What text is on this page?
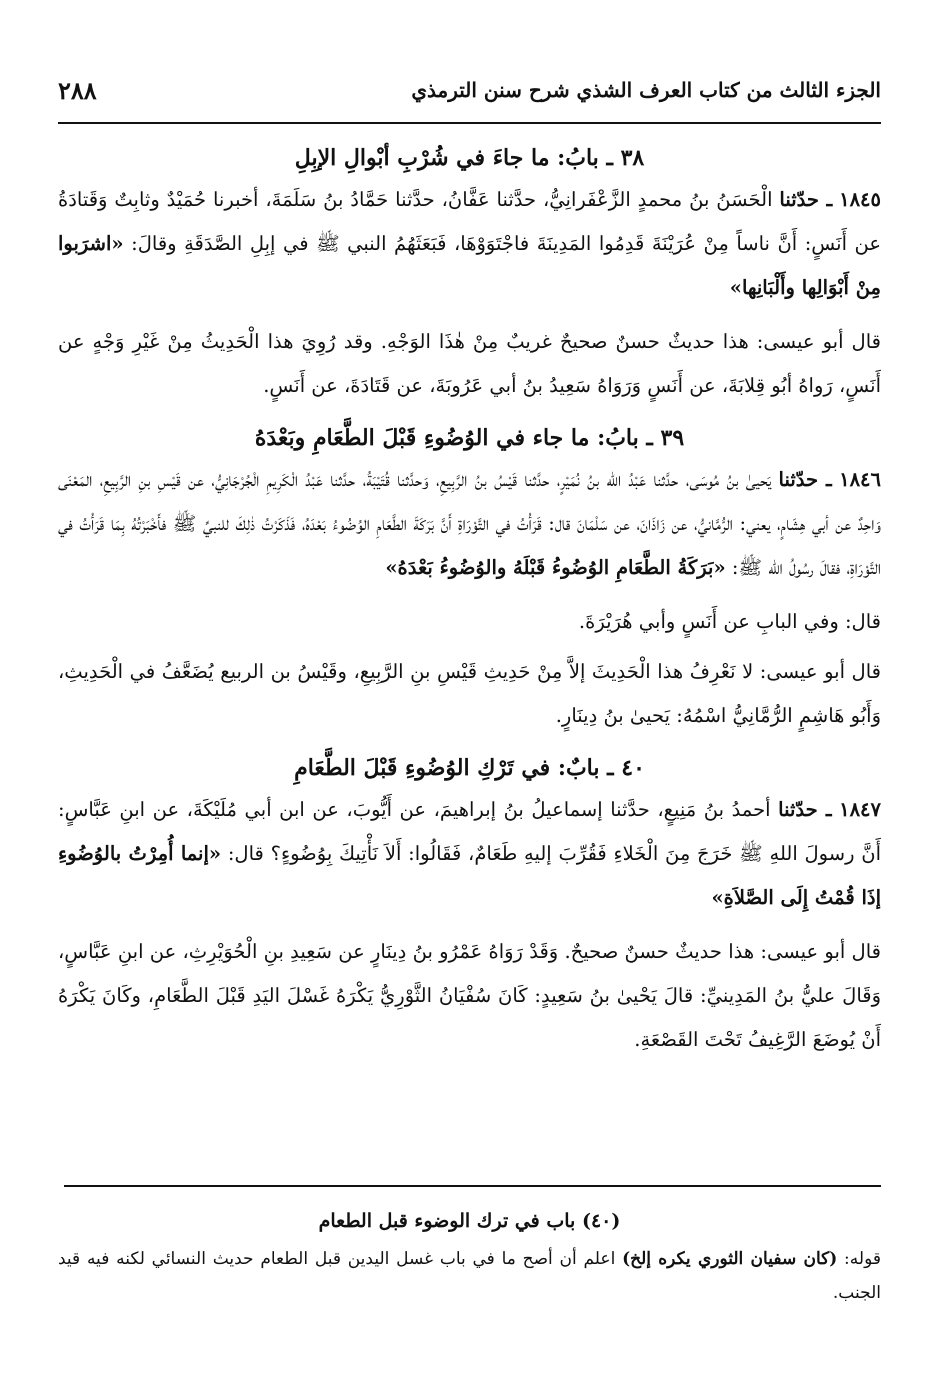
٢٨٨	الجزء الثالث من كتاب العرف الشذي شرح سنن الترمذي
٣٨ ـ بابُ: ما جاءَ في شُرْبِ أبْوالِ الإبِلِ

١٨٤٥ ـ حدّثنا الْحَسَنُ بنُ محمدٍ الزَّعْفَرانِيُّ، حدَّثنا عَفَّانُ، حدَّثنا حَمَّادُ بنُ سَلَمَةَ، أخبرنا حُمَيْدٌ وثابِتٌ وَقَتادَةُ عن أَنَسٍ: أَنَّ ناساً مِنْ عُرَيْنَةَ قَدِمُوا المَدِينَةَ فاجْتَوَوْهَا، فَبَعَثَهُمُ النبي ﷺ في إبِلِ الصَّدَقَةِ وقالَ: «اشرَبوا مِنْ أَبْوَالِها وأَلْبَانِها»

قال أبو عيسى: هذا حديثٌ حسنٌ صحيحٌ غريبٌ مِنْ هٰذَا الوَجْهِ. وقد رُوِيَ هذا الْحَدِيثُ مِنْ غَيْرِ وَجْهٍ عن أَنَسٍ، رَواهُ أبُو قِلابَةَ، عن أَنَسٍ وَرَوَاهُ سَعِيدُ بنُ أبي عَرُوبَةَ، عن قَتَادَةَ، عن أَنَسٍ.

٣٩ ـ بابُ: ما جاء في الوُضُوءِ قَبْلَ الطَّعَامِ وبَعْدَهُ

١٨٤٦ ـ حدّثنا يَحيىٰ بنُ مُوسَى، حدَّثنا عَبْدُ الله بنُ نُمَيْرٍ، حدَّثنا قَيْسُ بنُ الرَّبِيعِ، وَحدَّثنا قُتَيْبَةُ، حدَّثنا عَبْدُ الْكَرِيمِ الْجُرْجَانِيُّ، عن قَيْسِ بنِ الرَّبِيعِ، المَعْنَى وَاحِدٌ عن أبي هِشَامٍ، يعني: الرُّمَّانيُّ، عن زَاذَانَ، عن سَلْمَانَ قال: قَرَأْتُ في التَّوْرَاةِ أَنَّ بَرَكَةَ الطَّعَامِ الوُضُوءُ بَعْدَهُ، فَذَكَرْتُ ذٰلِكَ للنبيِّ ﷺ فأَخْبَرْتُهُ بِمَا قَرَأْتُ في التَّوْرَاةِ، فقالَ رسُولُ الله ﷺ: «بَرَكَةُ الطَّعَامِ الوُضُوءُ قَبْلَهُ والوُضُوءُ بَعْدَهُ»

قال: وفي البابِ عن أَنَسٍ وأبي هُرَيْرَةَ.

قال أبو عيسى: لا نَعْرِفُ هذا الْحَدِيثَ إلاَّ مِنْ حَدِيثِ قَيْسِ بنِ الرَّبِيعِ، وقَيْسُ بن الربيع يُضَعَّفُ في الْحَدِيثِ، وَأَبُو هَاشِمٍ الرُّمَّانِيُّ اسْمُهُ: يَحيىٰ بنُ دِينَارٍ.

٤٠ ـ بابٌ: في تَرْكِ الوُضُوءِ قَبْلَ الطَّعَامِ

١٨٤٧ ـ حدّثنا أحمدُ بنُ مَنِيعٍ، حدَّثنا إسماعيلُ بنُ إبراهيمَ، عن أَيُّوبَ، عن ابن أبي مُلَيْكَةَ، عن ابنِ عَبَّاسٍ: أَنَّ رسولَ اللهِ ﷺ خَرَجَ مِنَ الْخَلاءِ فَقُرِّبَ إليهِ طَعَامٌ، فَقَالُوا: أَلاَ نَأْتِيكَ بِوُضُوءٍ؟ قال: «إنما أُمِرْتُ بالوُضُوءِ إذَا قُمْتُ إِلَى الصَّلاَةِ»

قال أبو عيسى: هذا حديثٌ حسنٌ صحيحٌ. وَقَدْ رَوَاهُ عَمْرُو بنُ دِينَارٍ عن سَعِيدِ بنِ الْحُوَيْرِثِ، عن ابنِ عَبَّاسٍ، وَقَالَ عليُّ بنُ المَدِينيِّ: قالَ يَحْيىٰ بنُ سَعِيدٍ: كَانَ سُفْيَانُ الثَّوْرِيُّ يَكْرَهُ غَسْلَ اليَدِ قَبْلَ الطَّعَامِ، وكَانَ يَكْرَهُ أَنْ يُوضَعَ الرَّغِيفُ تَحْتَ القَصْعَةِ.

(٤٠) باب في ترك الوضوء قبل الطعام

قوله: (كان سفيان الثوري يكره إلخ) اعلم أن أصح ما في باب غسل اليدين قبل الطعام حديث النسائي لكنه فيه قيد الجنب.
